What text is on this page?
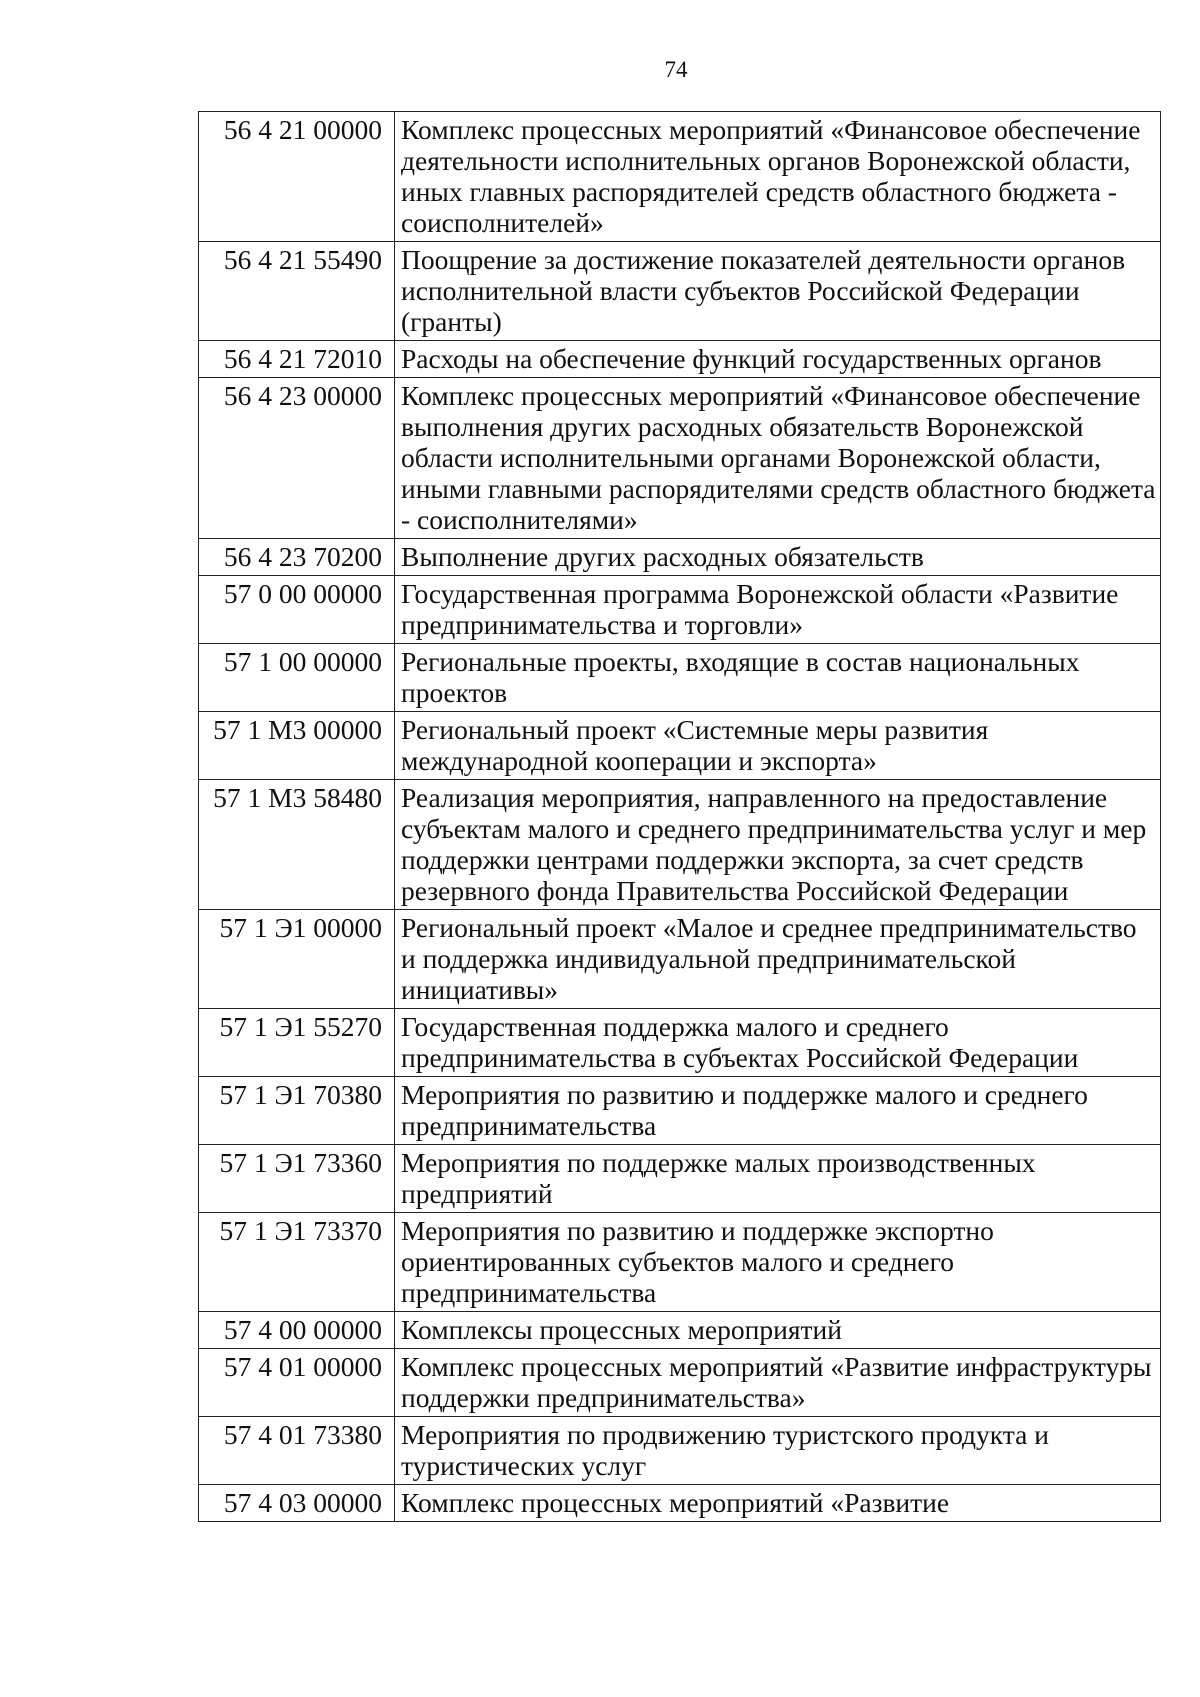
74
56 4 21 00000	Комплекс процессных мероприятий «Финансовое обеспечение деятельности исполнительных органов Воронежской области, иных главных распорядителей средств областного бюджета - соисполнителей»
56 4 21 55490	Поощрение за достижение показателей деятельности органов исполнительной власти субъектов Российской Федерации (гранты)
56 4 21 72010	Расходы на обеспечение функций государственных органов
56 4 23 00000	Комплекс процессных мероприятий «Финансовое обеспечение выполнения других расходных обязательств Воронежской области исполнительными органами Воронежской области, иными главными распорядителями средств областного бюджета - соисполнителями»
56 4 23 70200	Выполнение других расходных обязательств
57 0 00 00000	Государственная программа Воронежской области «Развитие предпринимательства и торговли»
57 1 00 00000	Региональные проекты, входящие в состав национальных проектов
57 1 М3 00000	Региональный проект «Системные меры развития международной кооперации и экспорта»
57 1 М3 58480	Реализация мероприятия, направленного на предоставление субъектам малого и среднего предпринимательства услуг и мер поддержки центрами поддержки экспорта, за счет средств резервного фонда Правительства Российской Федерации
57 1 Э1 00000	Региональный проект «Малое и среднее предпринимательство и поддержка индивидуальной предпринимательской инициативы»
57 1 Э1 55270	Государственная поддержка малого и среднего предпринимательства в субъектах Российской Федерации
57 1 Э1 70380	Мероприятия по развитию и поддержке малого и среднего предпринимательства
57 1 Э1 73360	Мероприятия по поддержке малых производственных предприятий
57 1 Э1 73370	Мероприятия по развитию и поддержке экспортно ориентированных субъектов малого и среднего предпринимательства
57 4 00 00000	Комплексы процессных мероприятий
57 4 01 00000	Комплекс процессных мероприятий «Развитие инфраструктуры поддержки предпринимательства»
57 4 01 73380	Мероприятия по продвижению туристского продукта и туристических услуг
57 4 03 00000	Комплекс процессных мероприятий «Развитие
